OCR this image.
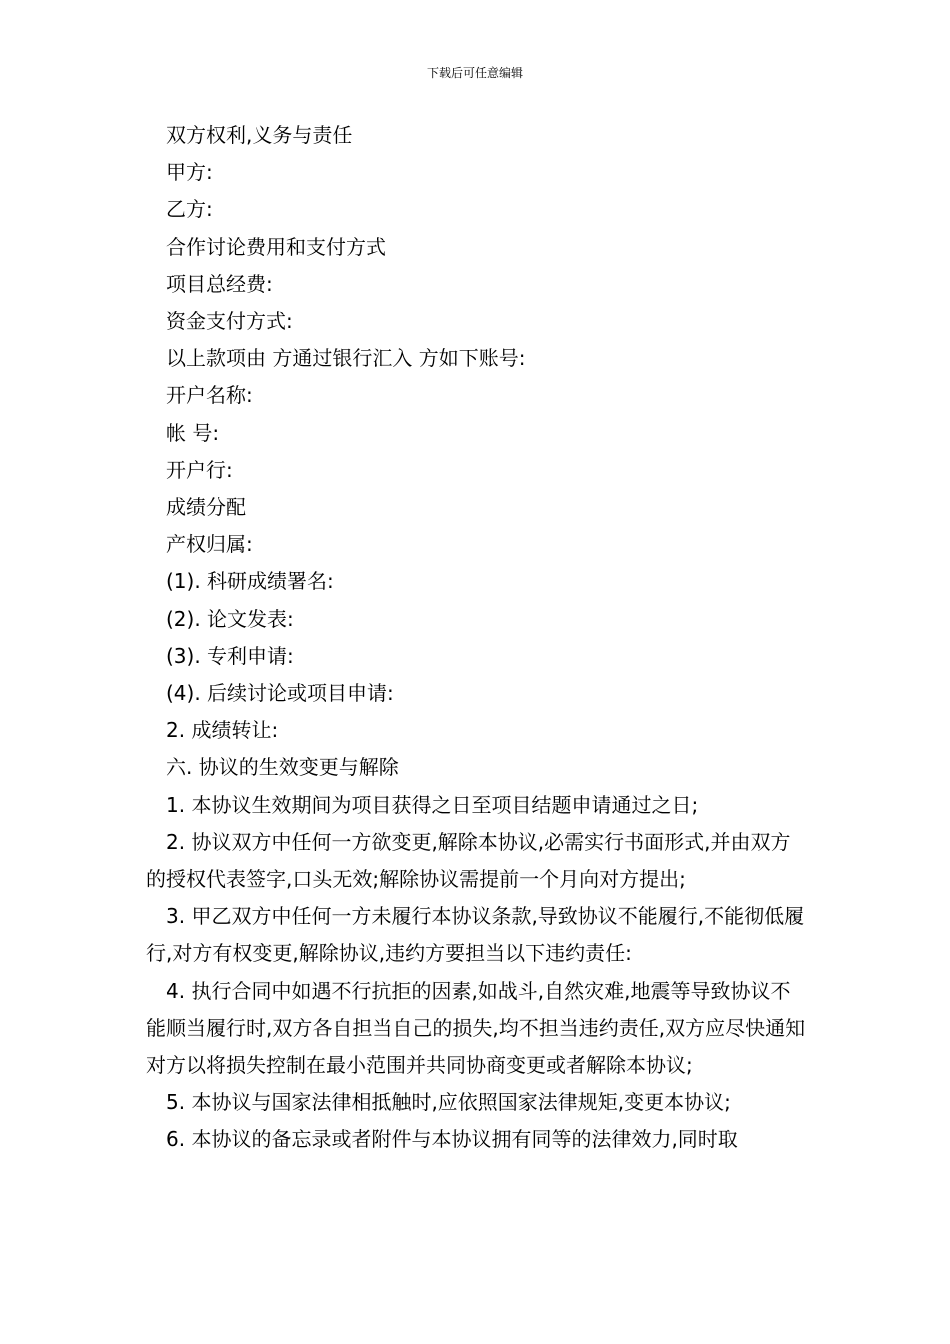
下载后可任意编辑

双方权利,义务与责任

甲方:

乙方:

合作讨论费用和支付方式

项目总经费:

资金支付方式:

以上款项由 方通过银行汇入 方如下账号:

开户名称:

帐 号:

开户行:

成绩分配

产权归属:

(1). 科研成绩署名:

(2). 论文发表:

(3). 专利申请:

(4). 后续讨论或项目申请:

2. 成绩转让:

六. 协议的生效变更与解除

1. 本协议生效期间为项目获得之日至项目结题申请通过之日;

2. 协议双方中任何一方欲变更,解除本协议,必需实行书面形式,并由双方的授权代表签字,口头无效;解除协议需提前一个月向对方提出;

3. 甲乙双方中任何一方未履行本协议条款,导致协议不能履行,不能彻低履行,对方有权变更,解除协议,违约方要担当以下违约责任:

4. 执行合同中如遇不行抗拒的因素,如战斗,自然灾难,地震等导致协议不能顺当履行时,双方各自担当自己的损失,均不担当违约责任,双方应尽快通知对方以将损失控制在最小范围并共同协商变更或者解除本协议;

5. 本协议与国家法律相抵触时,应依照国家法律规矩,变更本协议;

6. 本协议的备忘录或者附件与本协议拥有同等的法律效力,同时取
